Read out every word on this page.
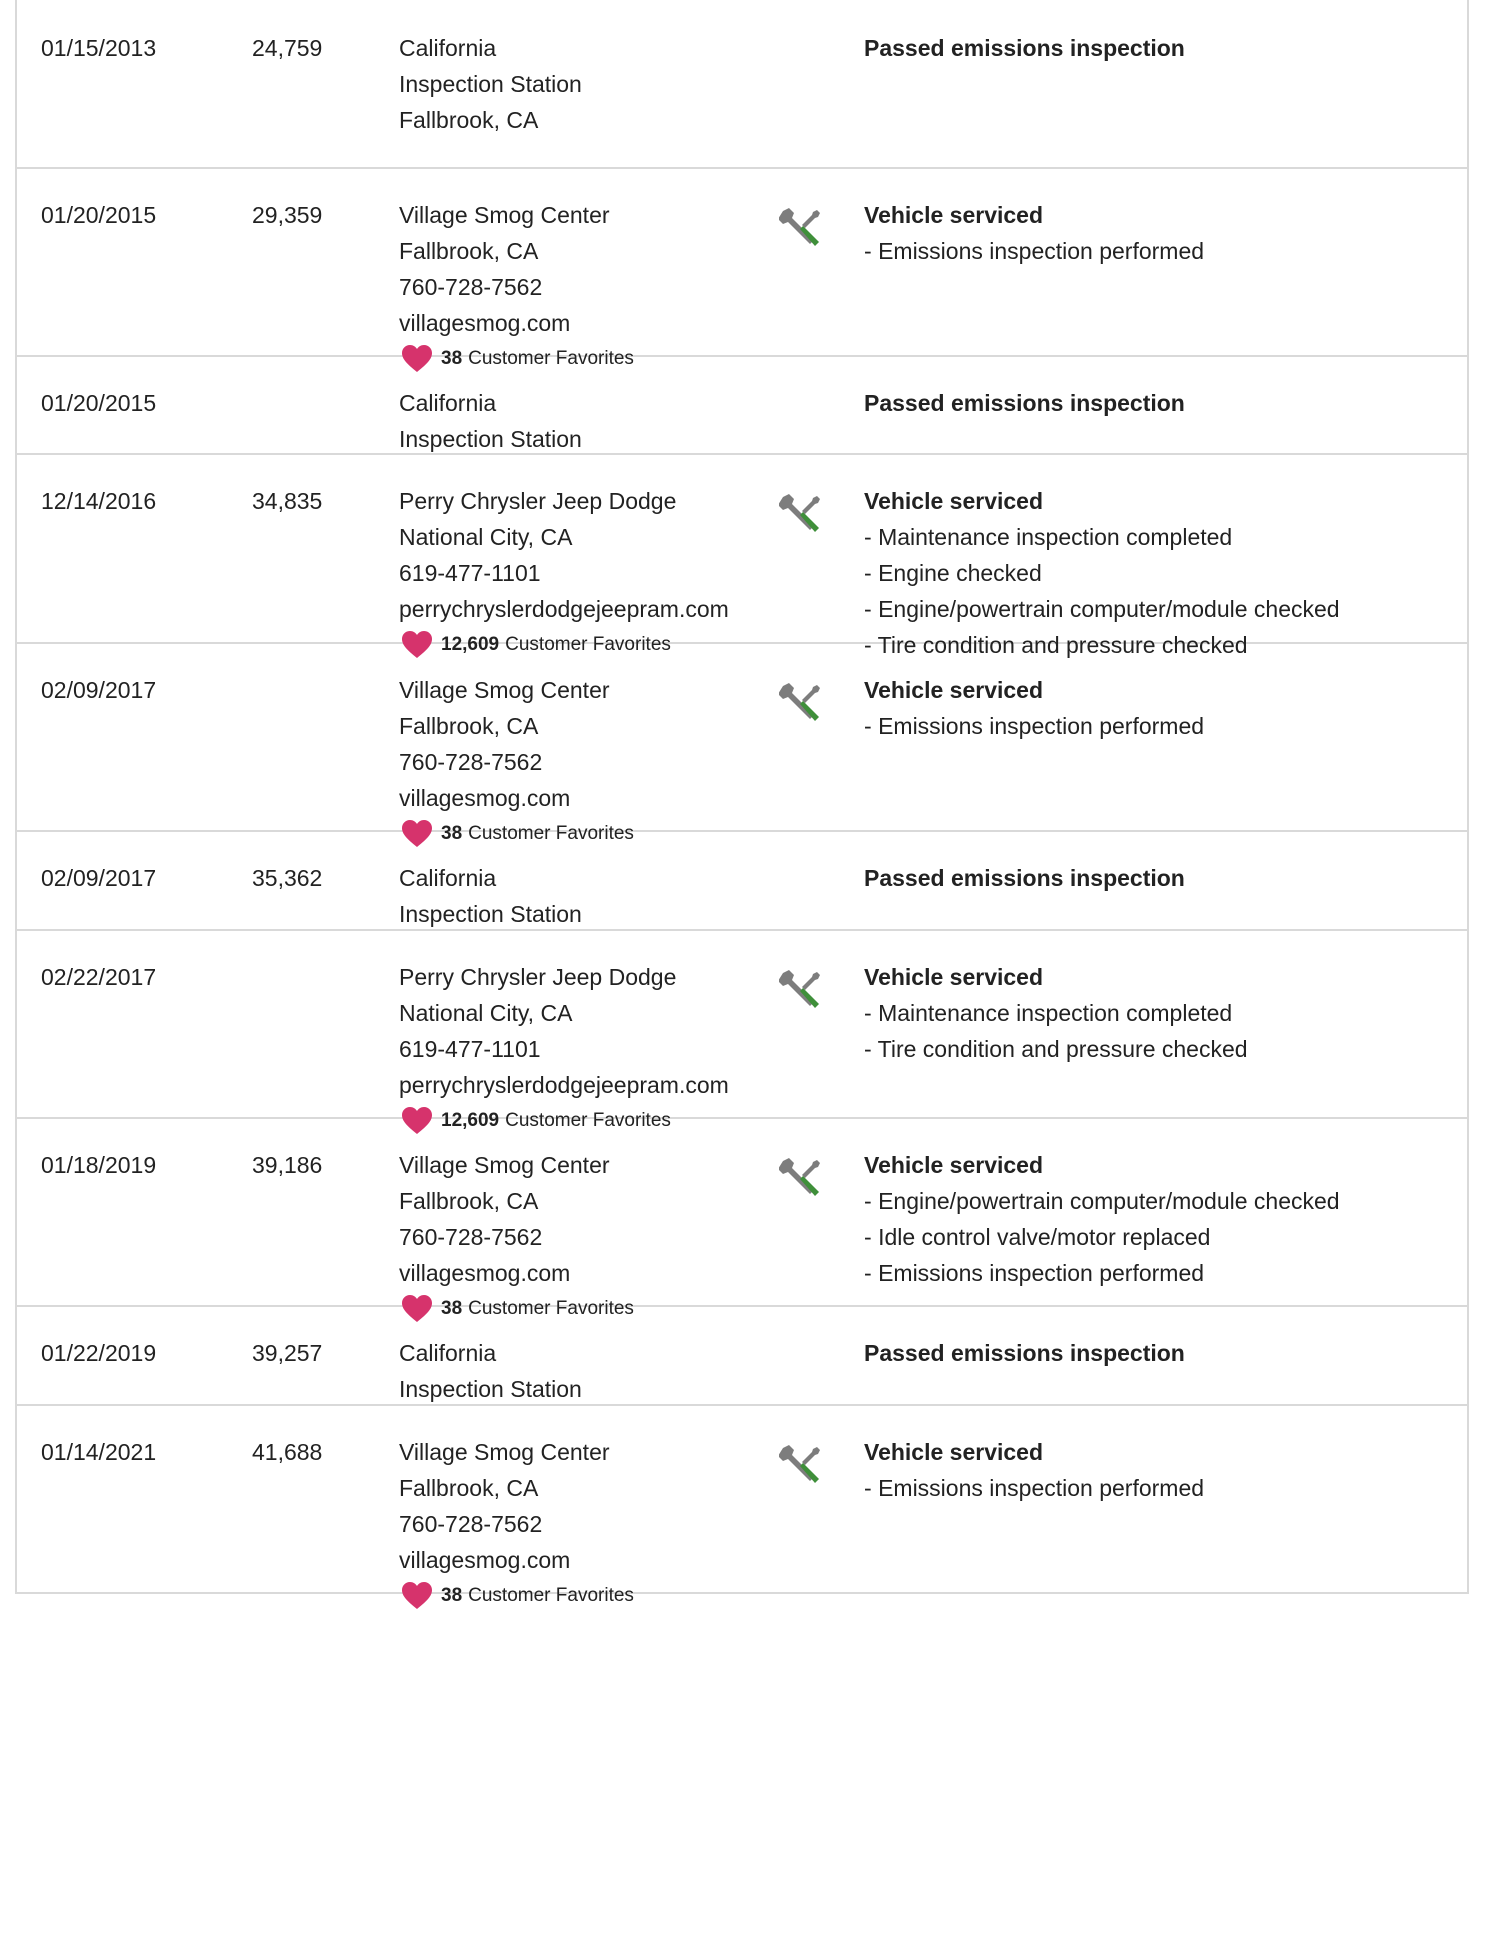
01/15/2013	24,759	California
Inspection Station
Fallbrook, CA
Passed emissions inspection
01/20/2015	29,359	Village Smog Center
Fallbrook, CA
760-728-7562
villagesmog.com
38 Customer Favorites
Vehicle serviced
- Emissions inspection performed
01/20/2015	California
Inspection Station
Passed emissions inspection
12/14/2016	34,835	Perry Chrysler Jeep Dodge
National City, CA
619-477-1101
perrychryslerdodgejeepram.com
12,609 Customer Favorites
Vehicle serviced
- Maintenance inspection completed
- Engine checked
- Engine/powertrain computer/module checked
- Tire condition and pressure checked
02/09/2017	Village Smog Center
Fallbrook, CA
760-728-7562
villagesmog.com
38 Customer Favorites
Vehicle serviced
- Emissions inspection performed
02/09/2017	35,362	California
Inspection Station
Passed emissions inspection
02/22/2017	Perry Chrysler Jeep Dodge
National City, CA
619-477-1101
perrychryslerdodgejeepram.com
12,609 Customer Favorites
Vehicle serviced
- Maintenance inspection completed
- Tire condition and pressure checked
01/18/2019	39,186	Village Smog Center
Fallbrook, CA
760-728-7562
villagesmog.com
38 Customer Favorites
Vehicle serviced
- Engine/powertrain computer/module checked
- Idle control valve/motor replaced
- Emissions inspection performed
01/22/2019	39,257	California
Inspection Station
Passed emissions inspection
01/14/2021	41,688	Village Smog Center
Fallbrook, CA
760-728-7562
villagesmog.com
38 Customer Favorites
Vehicle serviced
- Emissions inspection performed
